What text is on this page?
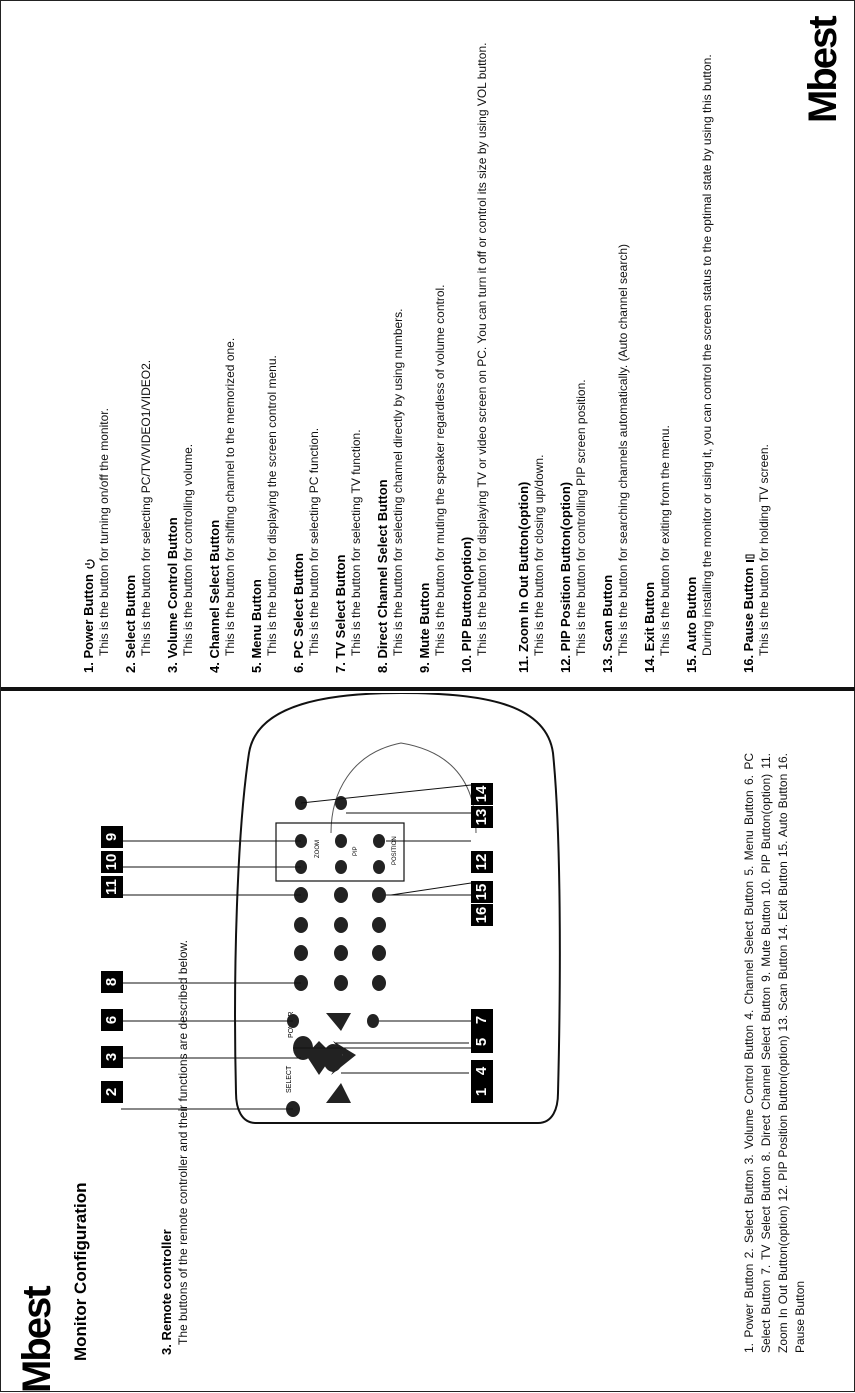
Mbest Monitor Configuration	3. Remote controller The buttons of the remote controller and their functions are described below.	SELECT
ZOOM	PIP	POSITION
1
4
5
7
16
15
12
13
14
2
3
6
8
11
10
9	1. Power Button 2. Select Button 3. Volume Control Button 4. Channel Select Button 5. Menu Button 6. PC Select Button 7. TV Select Button 8. Direct Channel Select Button 9. Mute Button 10. PIP Button(option) 11. Zoom In Out Button(option) 12. PIP Position Button(option) 13. Scan Button 14. Exit Button 15. Auto Button 16. Pause Button
1. Power Button This is the button for turning on/off the monitor. 2. Select Button This is the button for selecting PC/TV/VIDEO1/VIDEO2. 3. Volume Control Button This is the button for controlling volume. 4. Channel Select Button This is the button for shifting channel to the memorized one. 5. Menu Button This is the button for displaying the screen control menu. 6. PC Select Button This is the button for selecting PC function. 7. TV Select Button This is the button for selecting TV function. 8. Direct Channel Select Button This is the button for selecting channel directly by using numbers. 9. Mute Button This is the button for muting the speaker regardless of volume control. 10. PIP Button(option) This is the button for displaying TV or video screen on PC. You can turn it off or control its size by using VOL button. 11. Zoom In Out Button(option) This is the button for closing up/down. 12. PIP Position Button(option) This is the button for controlling PIP screen position. 13. Scan Button This is the button for searching channels automatically. (Auto channel search) 14. Exit Button This is the button for exiting from the menu. 15. Auto Button During installing the monitor or using it, you can control the screen status to the optimal state by using this button. 16. Pause Button This is the button for holding TV screen.
Mbest
